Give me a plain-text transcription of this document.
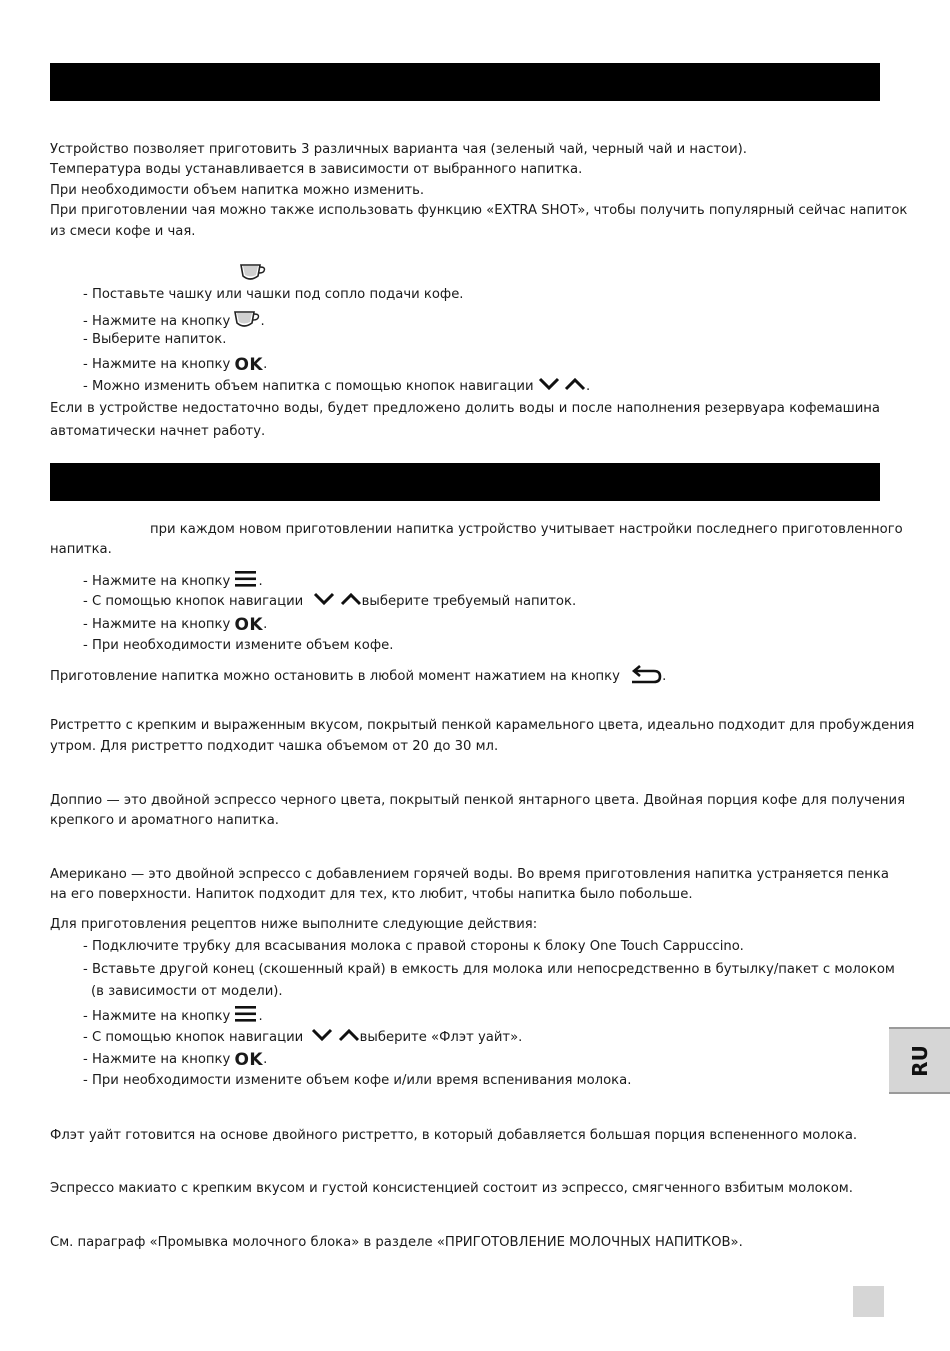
Устройство позволяет приготовить 3 различных варианта чая (зеленый чай, черный чай и настои).
Температура воды устанавливается в зависимости от выбранного напитка.
При необходимости объем напитка можно изменить.
При приготовлении чая можно также использовать функцию «EXTRA SHOT», чтобы получить популярный сейчас напиток
из смеси кофе и чая.
- Поставьте чашку или чашки под сопло подачи кофе.
- Нажмите на кнопку .
- Выберите напиток.
- Нажмите на кнопку OK.
- Можно изменить объем напитка с помощью кнопок навигации	.
Если в устройстве недостаточно воды, будет предложено долить воды и после наполнения резервуара кофемашина
автоматически начнет работу.
при каждом новом приготовлении напитка устройство учитывает настройки последнего приготовленного
напитка.
- Нажмите на кнопку .
- С помощью кнопок навигации	выберите требуемый напиток.
- Нажмите на кнопку OK.
- При необходимости измените объем кофе.
Приготовление напитка можно остановить в любой момент нажатием на кнопку	.
Ристретто с крепким и выраженным вкусом, покрытый пенкой карамельного цвета, идеально подходит для пробуждения
утром. Для ристретто подходит чашка объемом от 20 до 30 мл.
Доппио — это двойной эспрессо черного цвета, покрытый пенкой янтарного цвета. Двойная порция кофе для получения
крепкого и ароматного напитка.
Американо — это двойной эспрессо с добавлением горячей воды. Во время приготовления напитка устраняется пенка
на его поверхности. Напиток подходит для тех, кто любит, чтобы напитка было побольше.
Для приготовления рецептов ниже выполните следующие действия:
- Подключите трубку для всасывания молока с правой стороны к блоку One Touch Cappuccino.
- Вставьте другой конец (скошенный край) в емкость для молока или непосредственно в бутылку/пакет с молоком
(в зависимости от модели).
- Нажмите на кнопку .
- С помощью кнопок навигации	выберите «Флэт уайт».
- Нажмите на кнопку OK.
- При необходимости измените объем кофе и/или время вспенивания молока.
Флэт уайт готовится на основе двойного ристретто, в который добавляется большая порция вспененного молока.
Эспрессо макиато с крепким вкусом и густой консистенцией состоит из эспрессо, смягченного взбитым молоком.
См. параграф «Промывка молочного блока» в разделе «ПРИГОТОВЛЕНИЕ МОЛОЧНЫХ НАПИТКОВ».
RU
